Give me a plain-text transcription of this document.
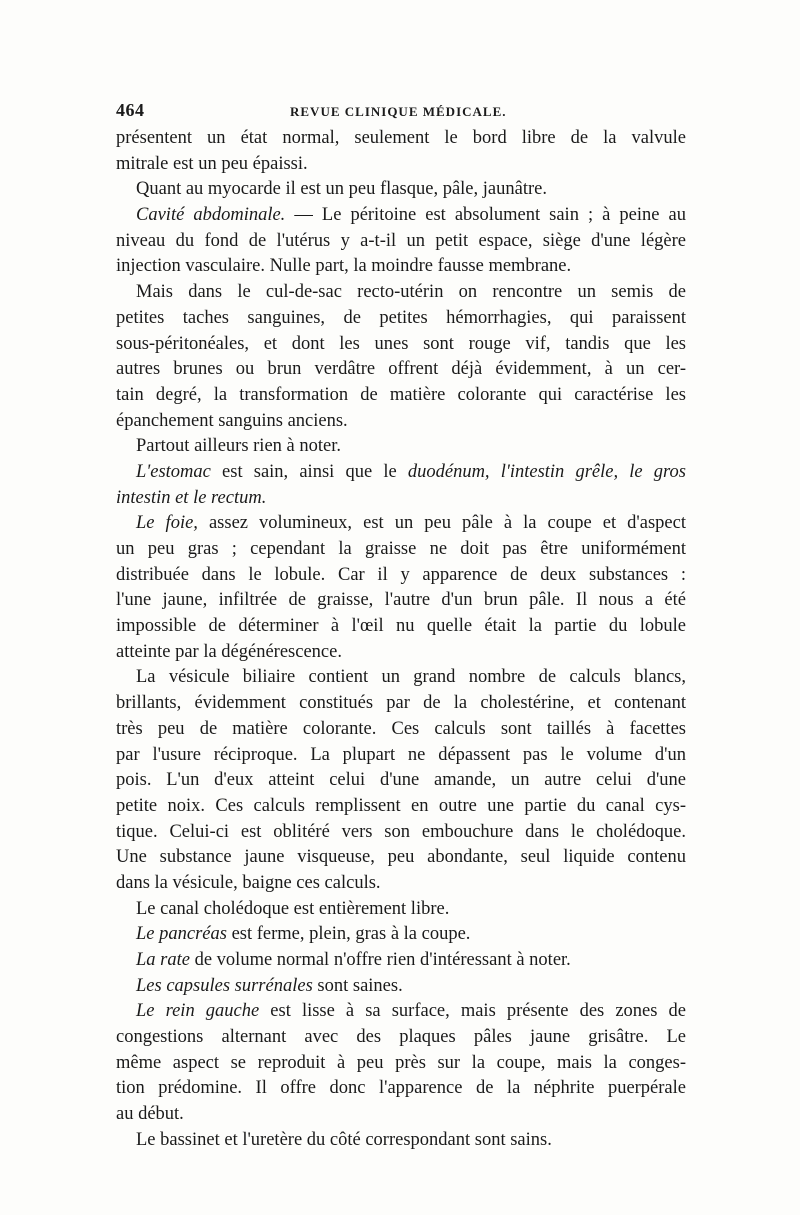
464	REVUE CLINIQUE MÉDICALE.
présentent un état normal, seulement le bord libre de la valvule
mitrale est un peu épaissi.
Quant au myocarde il est un peu flasque, pâle, jaunâtre.
Cavité abdominale. — Le péritoine est absolument sain ; à peine au
niveau du fond de l'utérus y a-t-il un petit espace, siège d'une légère
injection vasculaire. Nulle part, la moindre fausse membrane.
Mais dans le cul-de-sac recto-utérin on rencontre un semis de
petites taches sanguines, de petites hémorrhagies, qui paraissent
sous-péritonéales, et dont les unes sont rouge vif, tandis que les
autres brunes ou brun verdâtre offrent déjà évidemment, à un cer-
tain degré, la transformation de matière colorante qui caractérise les
épanchement sanguins anciens.
Partout ailleurs rien à noter.
L'estomac est sain, ainsi que le duodénum, l'intestin grêle, le gros
intestin et le rectum.
Le foie, assez volumineux, est un peu pâle à la coupe et d'aspect
un peu gras ; cependant la graisse ne doit pas être uniformément
distribuée dans le lobule. Car il y apparence de deux substances :
l'une jaune, infiltrée de graisse, l'autre d'un brun pâle. Il nous a été
impossible de déterminer à l'œil nu quelle était la partie du lobule
atteinte par la dégénérescence.
La vésicule biliaire contient un grand nombre de calculs blancs,
brillants, évidemment constitués par de la cholestérine, et contenant
très peu de matière colorante. Ces calculs sont taillés à facettes
par l'usure réciproque. La plupart ne dépassent pas le volume d'un
pois. L'un d'eux atteint celui d'une amande, un autre celui d'une
petite noix. Ces calculs remplissent en outre une partie du canal cys-
tique. Celui-ci est oblitéré vers son embouchure dans le cholédoque.
Une substance jaune visqueuse, peu abondante, seul liquide contenu
dans la vésicule, baigne ces calculs.
Le canal cholédoque est entièrement libre.
Le pancréas est ferme, plein, gras à la coupe.
La rate de volume normal n'offre rien d'intéressant à noter.
Les capsules surrénales sont saines.
Le rein gauche est lisse à sa surface, mais présente des zones de
congestions alternant avec des plaques pâles jaune grisâtre. Le
même aspect se reproduit à peu près sur la coupe, mais la conges-
tion prédomine. Il offre donc l'apparence de la néphrite puerpérale
au début.
Le bassinet et l'uretère du côté correspondant sont sains.
